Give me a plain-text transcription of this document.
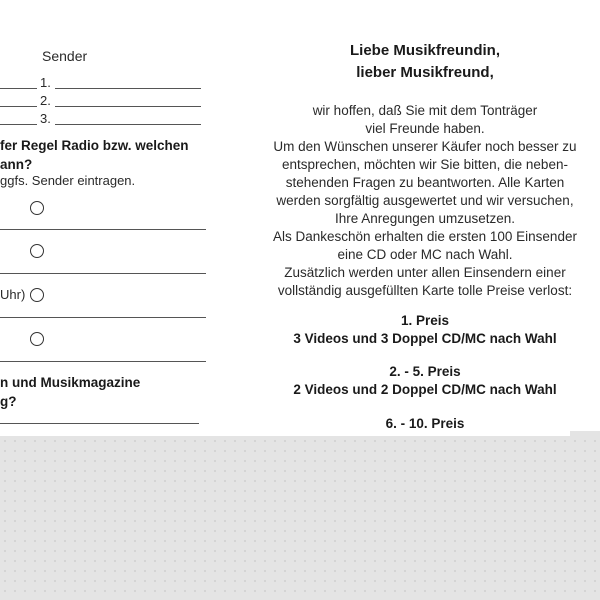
Sender
1.
2.
3.
fer Regel Radio bzw. welchen
ann?
ggfs. Sender eintragen.
Uhr)
n und Musikmagazine
g?
Liebe Musikfreundin,
lieber Musikfreund,
wir hoffen, daß Sie mit dem Tonträger
viel Freunde haben.
Um den Wünschen unserer Käufer noch besser zu
entsprechen, möchten wir Sie bitten, die neben-
stehenden Fragen zu beantworten. Alle Karten
werden sorgfältig ausgewertet und wir versuchen,
Ihre Anregungen umzusetzen.
Als Dankeschön erhalten die ersten 100 Einsender
eine CD oder MC nach Wahl.
Zusätzlich werden unter allen Einsendern einer
vollständig ausgefüllten Karte tolle Preise verlost:
1. Preis
3 Videos und 3 Doppel CD/MC nach Wahl
2. - 5. Preis
2 Videos und 2 Doppel CD/MC nach Wahl
6. - 10. Preis
